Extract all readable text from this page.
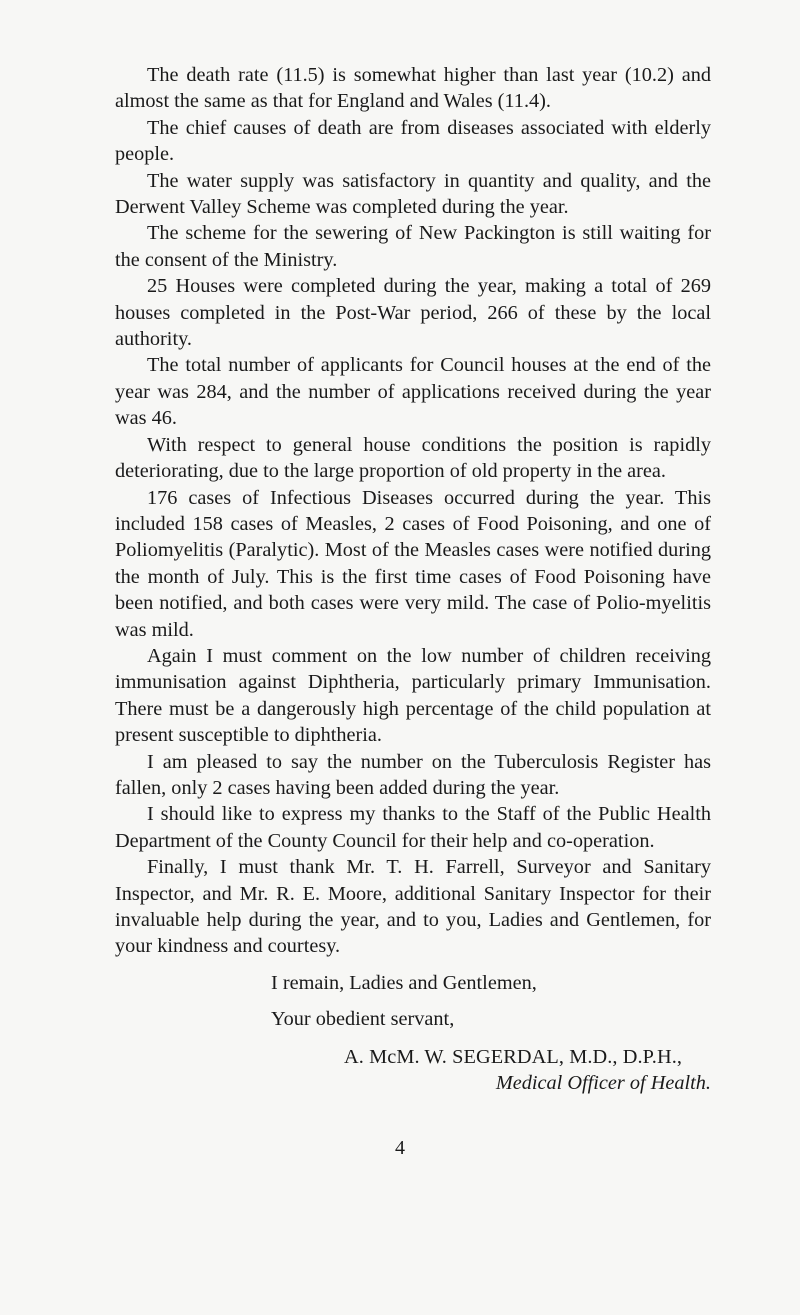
The death rate (11.5) is somewhat higher than last year (10.2) and almost the same as that for England and Wales (11.4).

The chief causes of death are from diseases associated with elderly people.

The water supply was satisfactory in quantity and quality, and the Derwent Valley Scheme was completed during the year.

The scheme for the sewering of New Packington is still waiting for the consent of the Ministry.

25 Houses were completed during the year, making a total of 269 houses completed in the Post-War period, 266 of these by the local authority.

The total number of applicants for Council houses at the end of the year was 284, and the number of applications received during the year was 46.

With respect to general house conditions the position is rapidly deteriorating, due to the large proportion of old property in the area.

176 cases of Infectious Diseases occurred during the year. This included 158 cases of Measles, 2 cases of Food Poisoning, and one of Poliomyelitis (Paralytic). Most of the Measles cases were notified during the month of July. This is the first time cases of Food Poisoning have been notified, and both cases were very mild. The case of Polio-myelitis was mild.

Again I must comment on the low number of children receiving immunisation against Diphtheria, particularly primary Immunisation. There must be a dangerously high percentage of the child population at present susceptible to diphtheria.

I am pleased to say the number on the Tuberculosis Register has fallen, only 2 cases having been added during the year.

I should like to express my thanks to the Staff of the Public Health Department of the County Council for their help and co-operation.

Finally, I must thank Mr. T. H. Farrell, Surveyor and Sanitary Inspector, and Mr. R. E. Moore, additional Sanitary Inspector for their invaluable help during the year, and to you, Ladies and Gentlemen, for your kindness and courtesy.

I remain, Ladies and Gentlemen,
Your obedient servant,
A. McM. W. SEGERDAL, M.D., D.P.H.,
Medical Officer of Health.
4
